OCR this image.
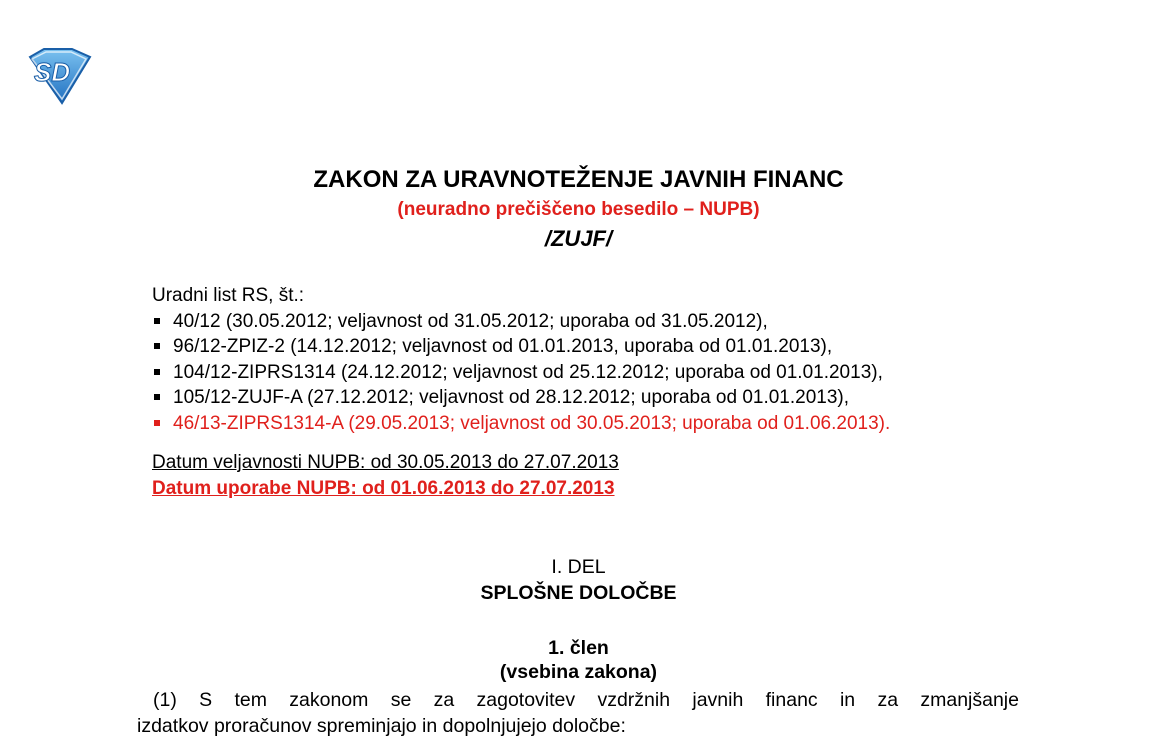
SD
ZAKON ZA URAVNOTEŽENJE JAVNIH FINANC
(neuradno prečiščeno besedilo – NUPB)
/ZUJF/
Uradni list RS, št.:
40/12 (30.05.2012; veljavnost od 31.05.2012; uporaba od 31.05.2012),
96/12-ZPIZ-2 (14.12.2012; veljavnost od 01.01.2013, uporaba od 01.01.2013),
104/12-ZIPRS1314 (24.12.2012; veljavnost od 25.12.2012; uporaba od 01.01.2013),
105/12-ZUJF-A (27.12.2012; veljavnost od 28.12.2012; uporaba od 01.01.2013),
46/13-ZIPRS1314-A (29.05.2013; veljavnost od 30.05.2013; uporaba od 01.06.2013).
Datum veljavnosti NUPB: od 30.05.2013 do 27.07.2013
Datum uporabe NUPB: od 01.06.2013 do 27.07.2013
I. DEL
SPLOŠNE DOLOČBE
1. člen
(vsebina zakona)
(1) S tem zakonom se za zagotovitev vzdržnih javnih financ in za zmanjšanje
izdatkov proračunov spreminjajo in dopolnjujejo določbe:
